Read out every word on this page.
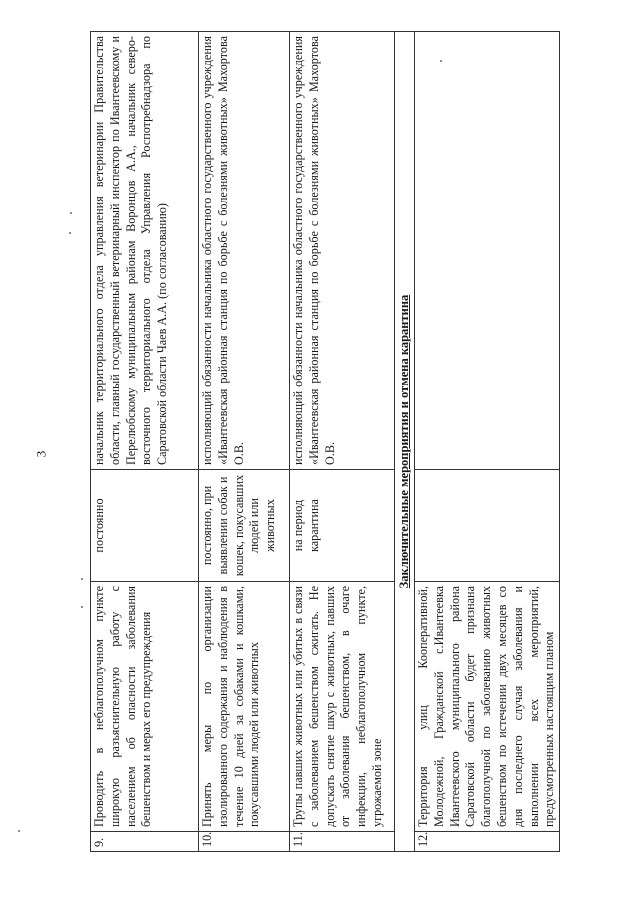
3
9.	Проводить в неблагополучном пункте широкую разъяснительную работу с населением об опасности заболевания бешенством и мерах его предупреждения	постоянно	начальник территориального отдела управления ветеринарии Правительства области, главный государственный ветеринарный инспектор по Ивантеевскому и Перелюбскому муниципальным районам Воронцов А.А., начальник северо-восточного территориального отдела Управления Роспотребнадзора по Саратовской области Чаев А.А. (по согласованию)
10.	Принять меры по организации изолированного содержания и наблюдения в течение 10 дней за собаками и кошками, покусавшими людей или животных	постоянно, при выявлении собак и кошек, покусавших людей или животных	исполняющий обязанности начальника областного государственного учреждения «Ивантеевская районная станция по борьбе с болезнями животных» Махортова О.В.
11.	Трупы павших животных или убитых в связи с заболеванием бешенством сжигать. Не допускать снятие шкур с животных, павших от заболевания бешенством, в очаге инфекции, неблагополучном пункте, угрожаемой зоне	на период карантина	исполняющий обязанности начальника областного государственного учреждения «Ивантеевская районная станция по борьбе с болезнями животных» Махортова О.В.
Заключительные мероприятия и отмена карантина			
12.	Территория улиц Кооперативной, Молодежной, Гражданской с.Ивантеевка Ивантеевского муниципального района Саратовской области будет признана благополучной по заболеванию животных бешенством по истечении двух месяцев со дня последнего случая заболевания и выполнении всех мероприятий, предусмотренных настоящим планом		
